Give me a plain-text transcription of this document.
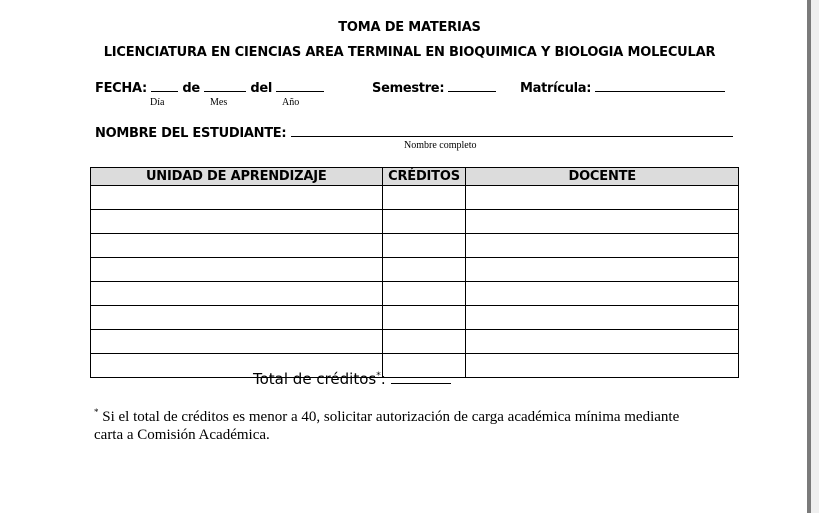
TOMA DE MATERIAS
LICENCIATURA EN CIENCIAS AREA TERMINAL EN BIOQUIMICA Y BIOLOGIA MOLECULAR
FECHA:	de	del
Día	Mes	Año
Semestre:	Matrícula:
NOMBRE DEL ESTUDIANTE:
Nombre completo
UNIDAD DE APRENDIZAJE	CRÉDITOS	DOCENTE

Total de créditos*:
* Si el total de créditos es menor a 40, solicitar autorización de carga académica mínima mediante
carta a Comisión Académica.
